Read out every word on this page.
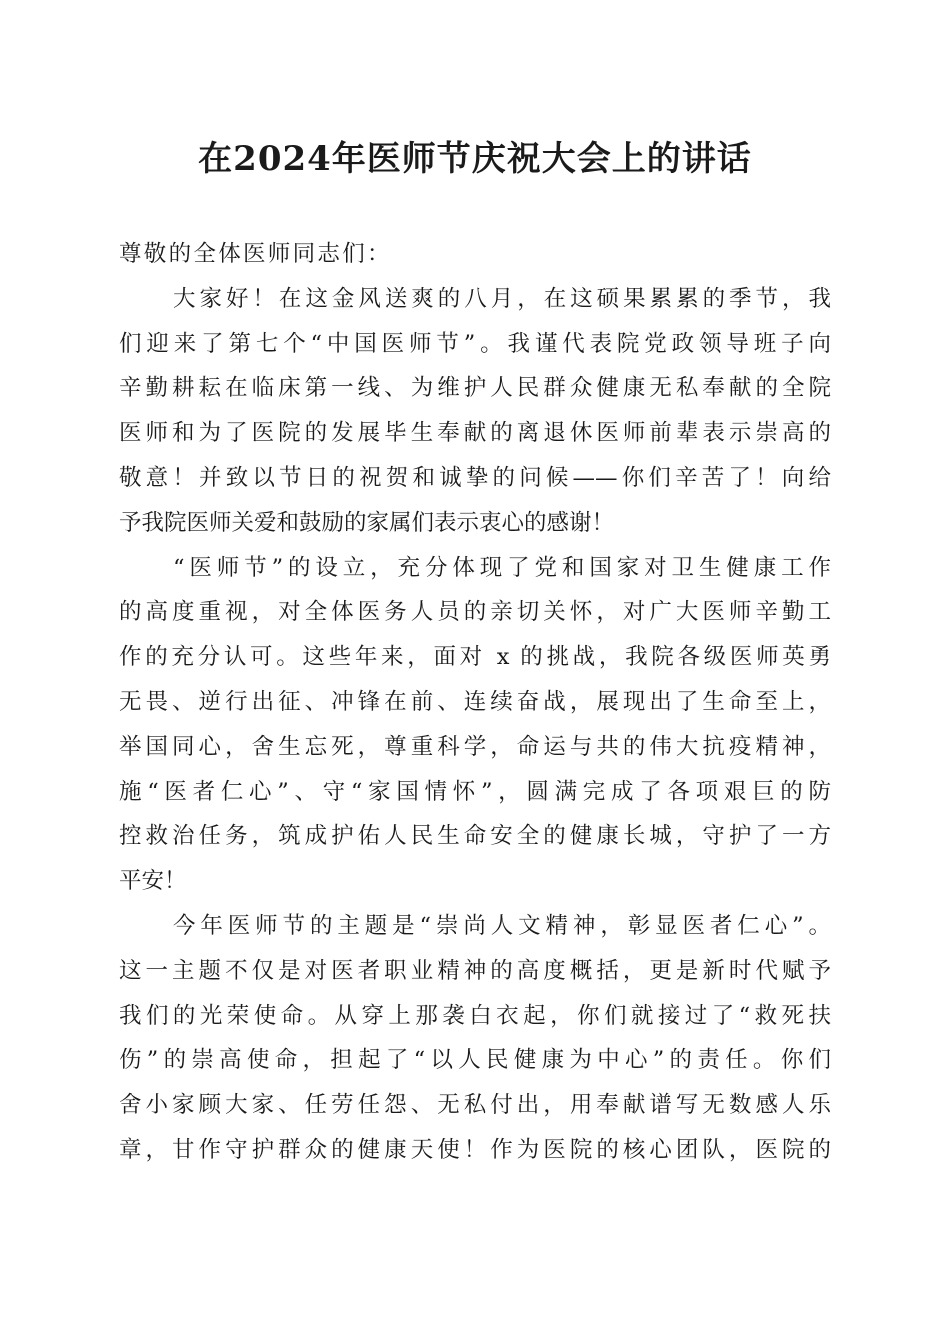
在2024年医师节庆祝大会上的讲话

尊敬的全体医师同志们：

大家好！在这金风送爽的八月，在这硕果累累的季节，我
们迎来了第七个“中国医师节”。我谨代表院党政领导班子向
辛勤耕耘在临床第一线、为维护人民群众健康无私奉献的全院
医师和为了医院的发展毕生奉献的离退休医师前辈表示崇高的
敬意！并致以节日的祝贺和诚挚的问候——你们辛苦了！向给
予我院医师关爱和鼓励的家属们表示衷心的感谢！
“医师节”的设立，充分体现了党和国家对卫生健康工作
的高度重视，对全体医务人员的亲切关怀，对广大医师辛勤工
作的充分认可。这些年来，面对 x 的挑战，我院各级医师英勇
无畏、逆行出征、冲锋在前、连续奋战，展现出了生命至上，
举国同心，舍生忘死，尊重科学，命运与共的伟大抗疫精神，
施“医者仁心”、守“家国情怀”，圆满完成了各项艰巨的防
控救治任务，筑成护佑人民生命安全的健康长城，守护了一方
平安！
今年医师节的主题是“崇尚人文精神，彰显医者仁心”。
这一主题不仅是对医者职业精神的高度概括，更是新时代赋予
我们的光荣使命。从穿上那袭白衣起，你们就接过了“救死扶
伤”的崇高使命，担起了“以人民健康为中心”的责任。你们
舍小家顾大家、任劳任怨、无私付出，用奉献谱写无数感人乐
章，甘作守护群众的健康天使！作为医院的核心团队，医院的
